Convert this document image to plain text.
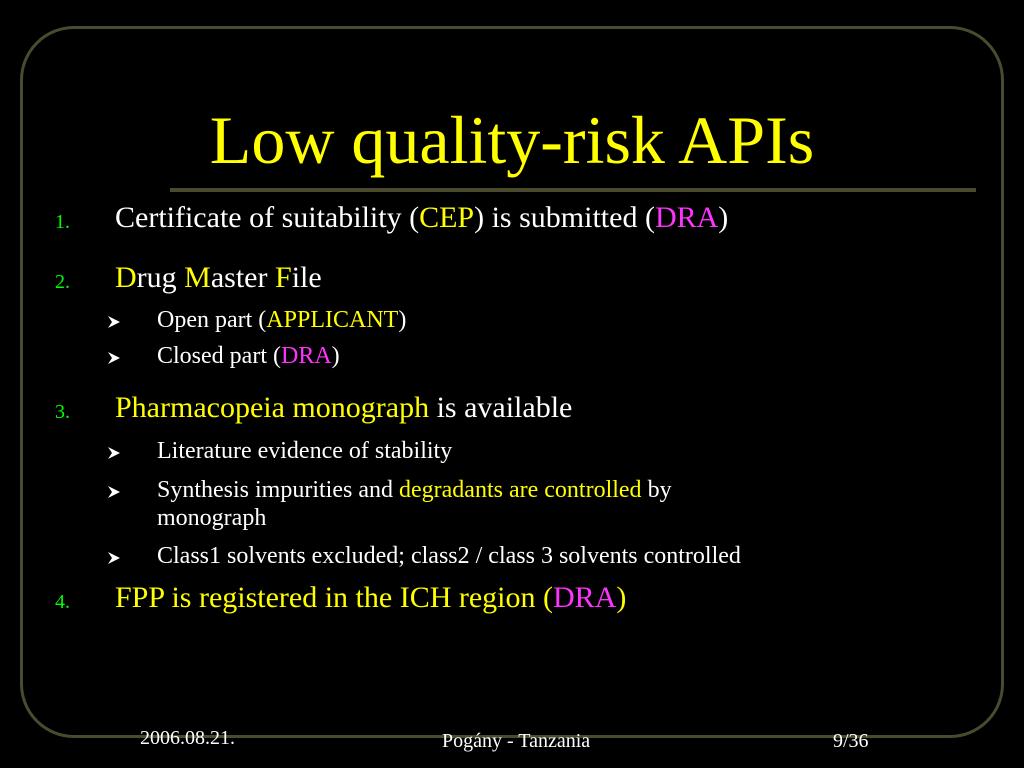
Low quality-risk APIs
1. Certificate of suitability (CEP) is submitted (DRA)
2. Drug Master File
Open part (APPLICANT)
Closed part (DRA)
3. Pharmacopeia monograph is available
Literature evidence of stability
Synthesis impurities and degradants are controlled by
monograph
Class1 solvents excluded; class2 / class 3 solvents controlled
4. FPP is registered in the ICH region (DRA)
2006.08.21.	Pogány - Tanzania	9/36
